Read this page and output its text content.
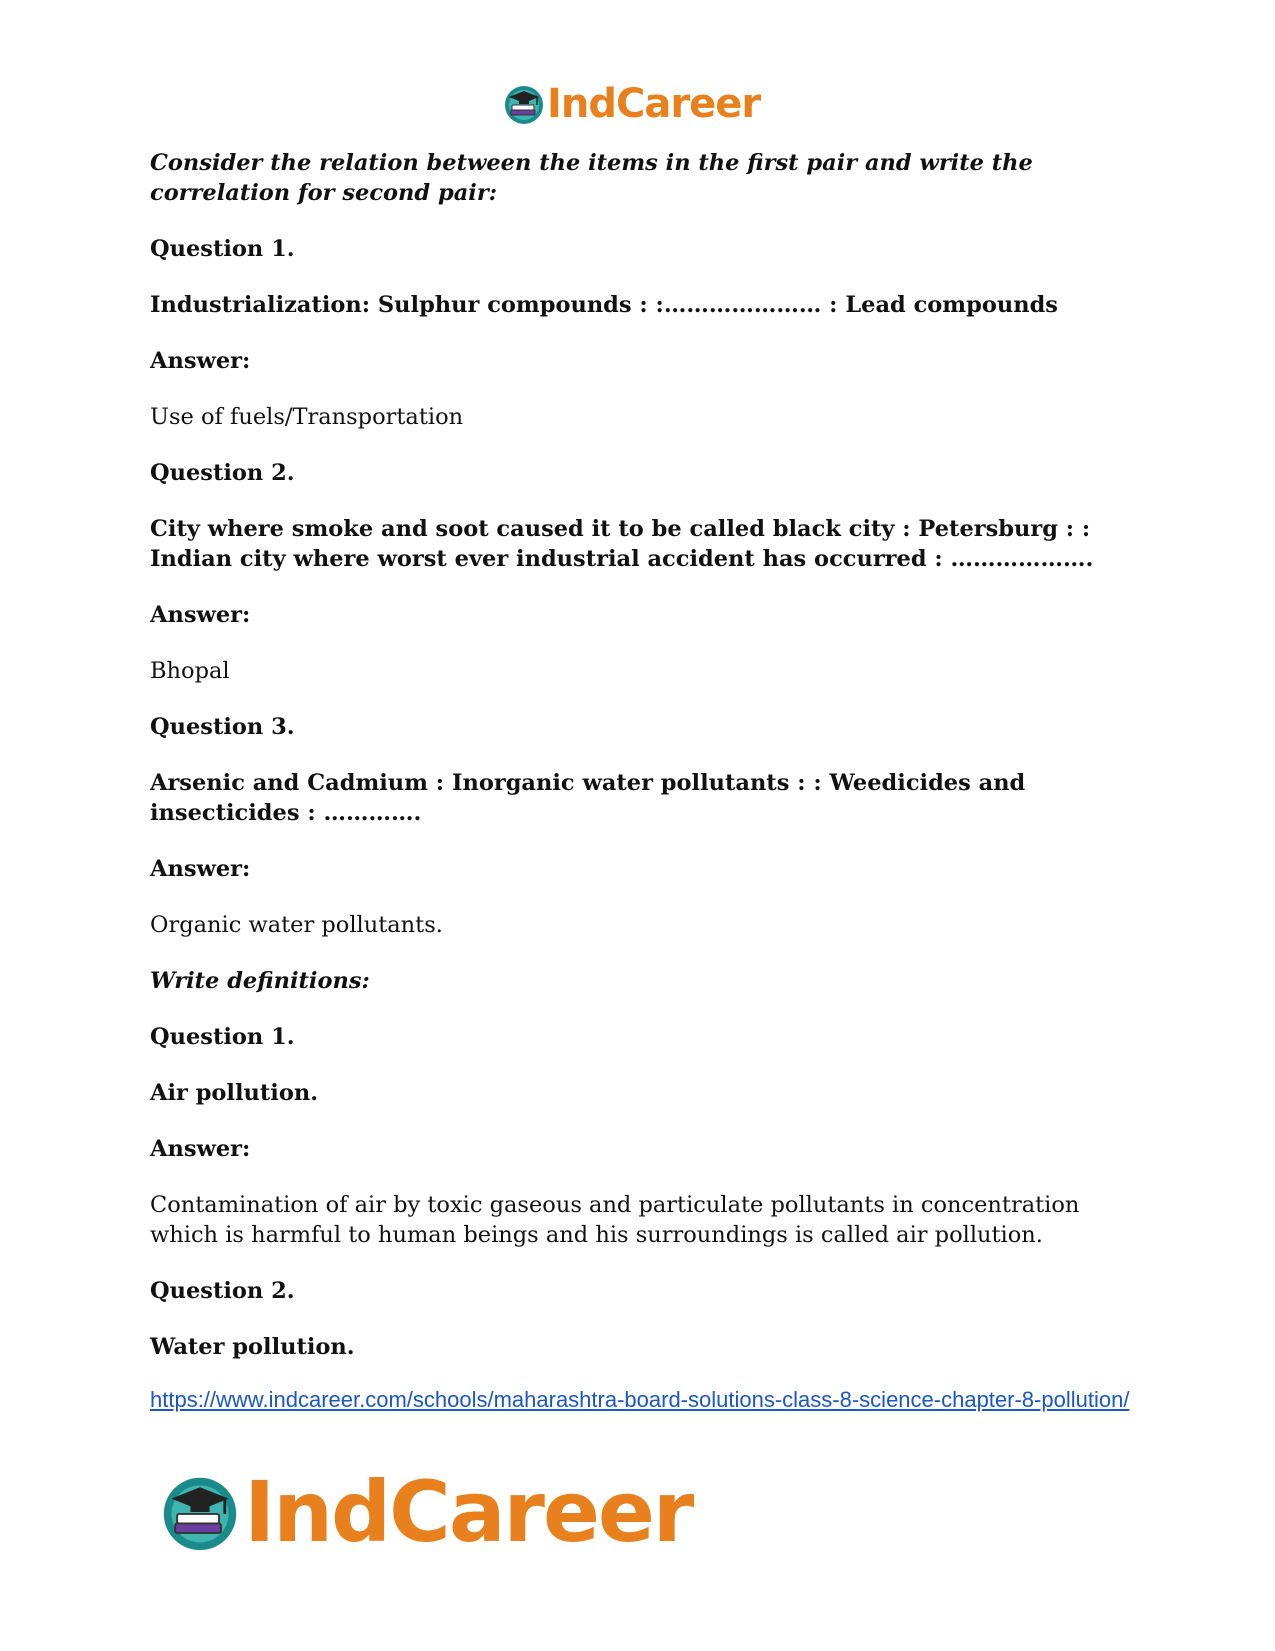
IndCareer

Consider the relation between the items in the first pair and write the correlation for second pair:

Question 1.

Industrialization: Sulphur compounds : :………………… : Lead compounds

Answer:

Use of fuels/Transportation

Question 2.

City where smoke and soot caused it to be called black city : Petersburg : : Indian city where worst ever industrial accident has occurred : ……………….

Answer:

Bhopal

Question 3.

Arsenic and Cadmium : Inorganic water pollutants : : Weedicides and insecticides : ………….

Answer:

Organic water pollutants.

Write definitions:

Question 1.

Air pollution.

Answer:

Contamination of air by toxic gaseous and particulate pollutants in concentration which is harmful to human beings and his surroundings is called air pollution.

Question 2.

Water pollution.

https://www.indcareer.com/schools/maharashtra-board-solutions-class-8-science-chapter-8-pollution/
IndCareer
